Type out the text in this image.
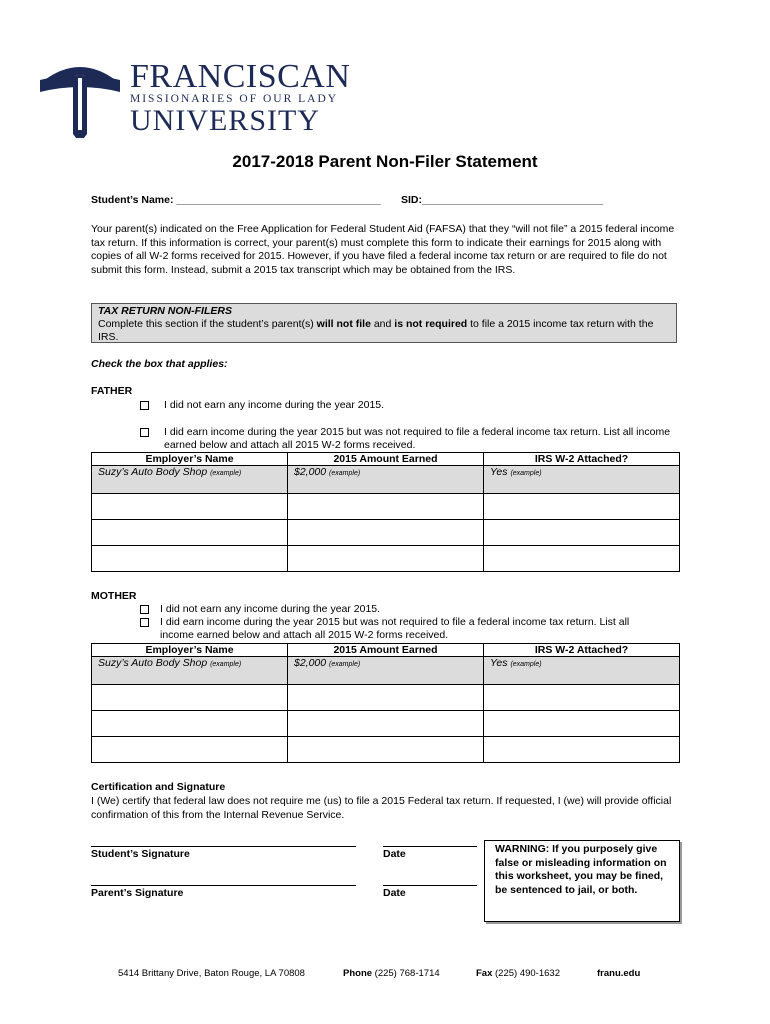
FRANCISCAN
MISSIONARIES OF OUR LADY
UNIVERSITY
2017-2018 Parent Non-Filer Statement
Student’s Name: ___________________________________ SID:_______________________________
Your parent(s) indicated on the Free Application for Federal Student Aid (FAFSA) that they “will not file” a 2015 federal income tax return. If this information is correct, your parent(s) must complete this form to indicate their earnings for 2015 along with copies of all W-2 forms received for 2015. However, if you have filed a federal income tax return or are required to file do not submit this form. Instead, submit a 2015 tax transcript which may be obtained from the IRS.
TAX RETURN NON-FILERS
Complete this section if the student’s parent(s) will not file and is not required to file a 2015 income tax return with the IRS.
Check the box that applies:
FATHER
I did not earn any income during the year 2015.
I did earn income during the year 2015 but was not required to file a federal income tax return. List all income earned below and attach all 2015 W-2 forms received.
Employer’s Name	2015 Amount Earned	IRS W-2 Attached?
Suzy’s Auto Body Shop (example)	$2,000 (example)	Yes (example)

MOTHER
I did not earn any income during the year 2015.
I did earn income during the year 2015 but was not required to file a federal income tax return. List all income earned below and attach all 2015 W-2 forms received.
Employer’s Name	2015 Amount Earned	IRS W-2 Attached?
Suzy’s Auto Body Shop (example)	$2,000 (example)	Yes (example)

Certification and Signature
I (We) certify that federal law does not require me (us) to file a 2015 Federal tax return. If requested, I (we) will provide official confirmation of this from the Internal Revenue Service.
Student’s Signature	Date
Parent’s Signature	Date
WARNING: If you purposely give false or misleading information on this worksheet, you may be fined, be sentenced to jail, or both.
5414 Brittany Drive, Baton Rouge, LA 70808	Phone (225) 768-1714	Fax (225) 490-1632	franu.edu
